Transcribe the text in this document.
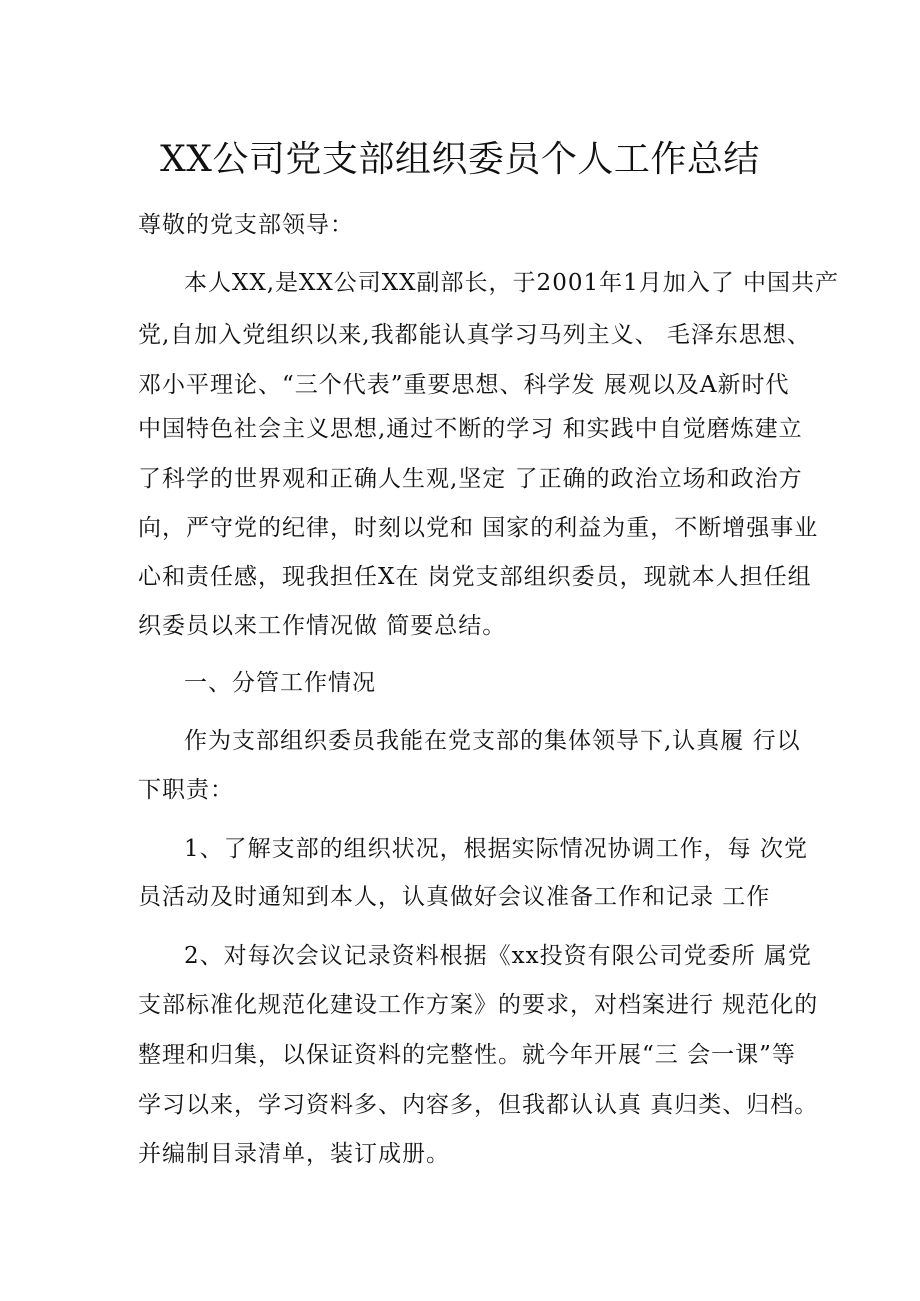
XX公司党支部组织委员个人工作总结
尊敬的党支部领导：
本人XX,是XX公司XX副部长，于2001年1月加入了 中国共产
党,自加入党组织以来,我都能认真学习马列主义、 毛泽东思想、
邓小平理论、“三个代表”重要思想、科学发 展观以及A新时代
中国特色社会主义思想,通过不断的学习 和实践中自觉磨炼建立
了科学的世界观和正确人生观,坚定 了正确的政治立场和政治方
向，严守党的纪律，时刻以党和 国家的利益为重，不断增强事业
心和责任感，现我担任X在 岗党支部组织委员，现就本人担任组
织委员以来工作情况做 简要总结。
一、分管工作情况
作为支部组织委员我能在党支部的集体领导下,认真履 行以
下职责：
1、了解支部的组织状况，根据实际情况协调工作，每 次党
员活动及时通知到本人，认真做好会议准备工作和记录 工作
2、对每次会议记录资料根据《xx投资有限公司党委所 属党
支部标准化规范化建设工作方案》的要求，对档案进行 规范化的
整理和归集，以保证资料的完整性。就今年开展“三 会一课”等
学习以来，学习资料多、内容多，但我都认认真 真归类、归档。
并编制目录清单，装订成册。
